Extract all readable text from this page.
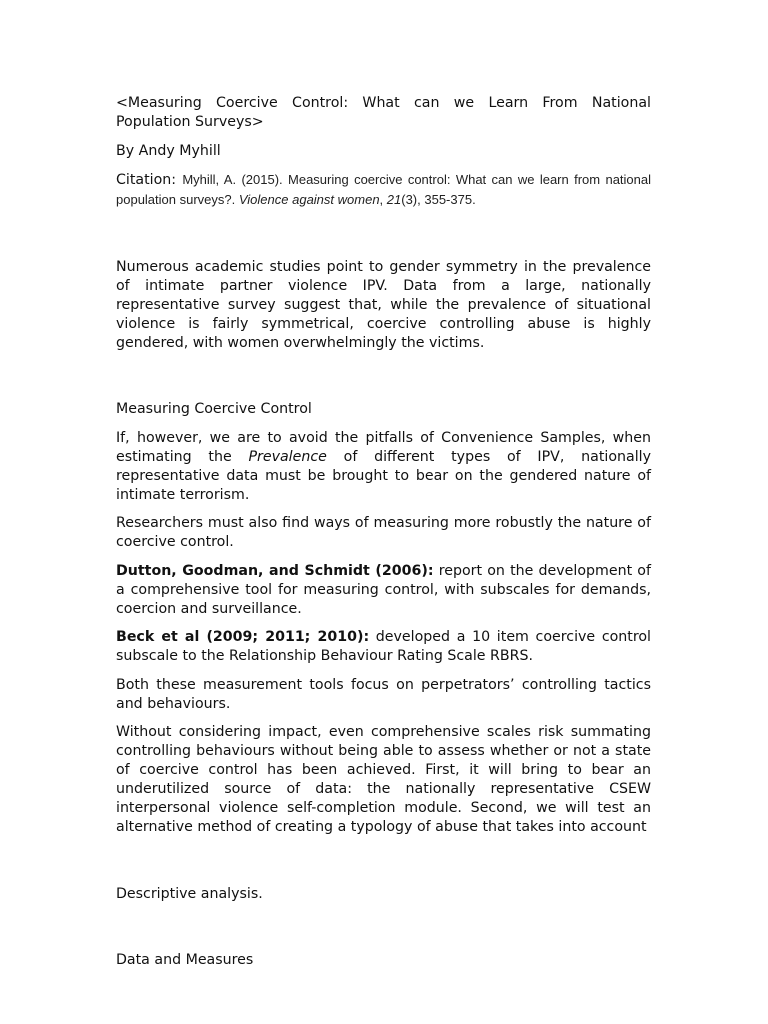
<Measuring Coercive Control: What can we Learn From National Population Surveys>

By Andy Myhill

Citation: Myhill, A. (2015). Measuring coercive control: What can we learn from national population surveys?. Violence against women, 21(3), 355-375.

Numerous academic studies point to gender symmetry in the prevalence of intimate partner violence IPV. Data from a large, nationally representative survey suggest that, while the prevalence of situational violence is fairly symmetrical, coercive controlling abuse is highly gendered, with women overwhelmingly the victims.

Measuring Coercive Control

If, however, we are to avoid the pitfalls of Convenience Samples, when estimating the Prevalence of different types of IPV, nationally representative data must be brought to bear on the gendered nature of intimate terrorism.

Researchers must also find ways of measuring more robustly the nature of coercive control.

Dutton, Goodman, and Schmidt (2006): report on the development of a comprehensive tool for measuring control, with subscales for demands, coercion and surveillance.

Beck et al (2009; 2011; 2010): developed a 10 item coercive control subscale to the Relationship Behaviour Rating Scale RBRS.

Both these measurement tools focus on perpetrators’ controlling tactics and behaviours.

Without considering impact, even comprehensive scales risk summating controlling behaviours without being able to assess whether or not a state of coercive control has been achieved. First, it will bring to bear an underutilized source of data: the nationally representative CSEW interpersonal violence self-completion module. Second, we will test an alternative method of creating a typology of abuse that takes into account

Descriptive analysis.

Data and Measures
